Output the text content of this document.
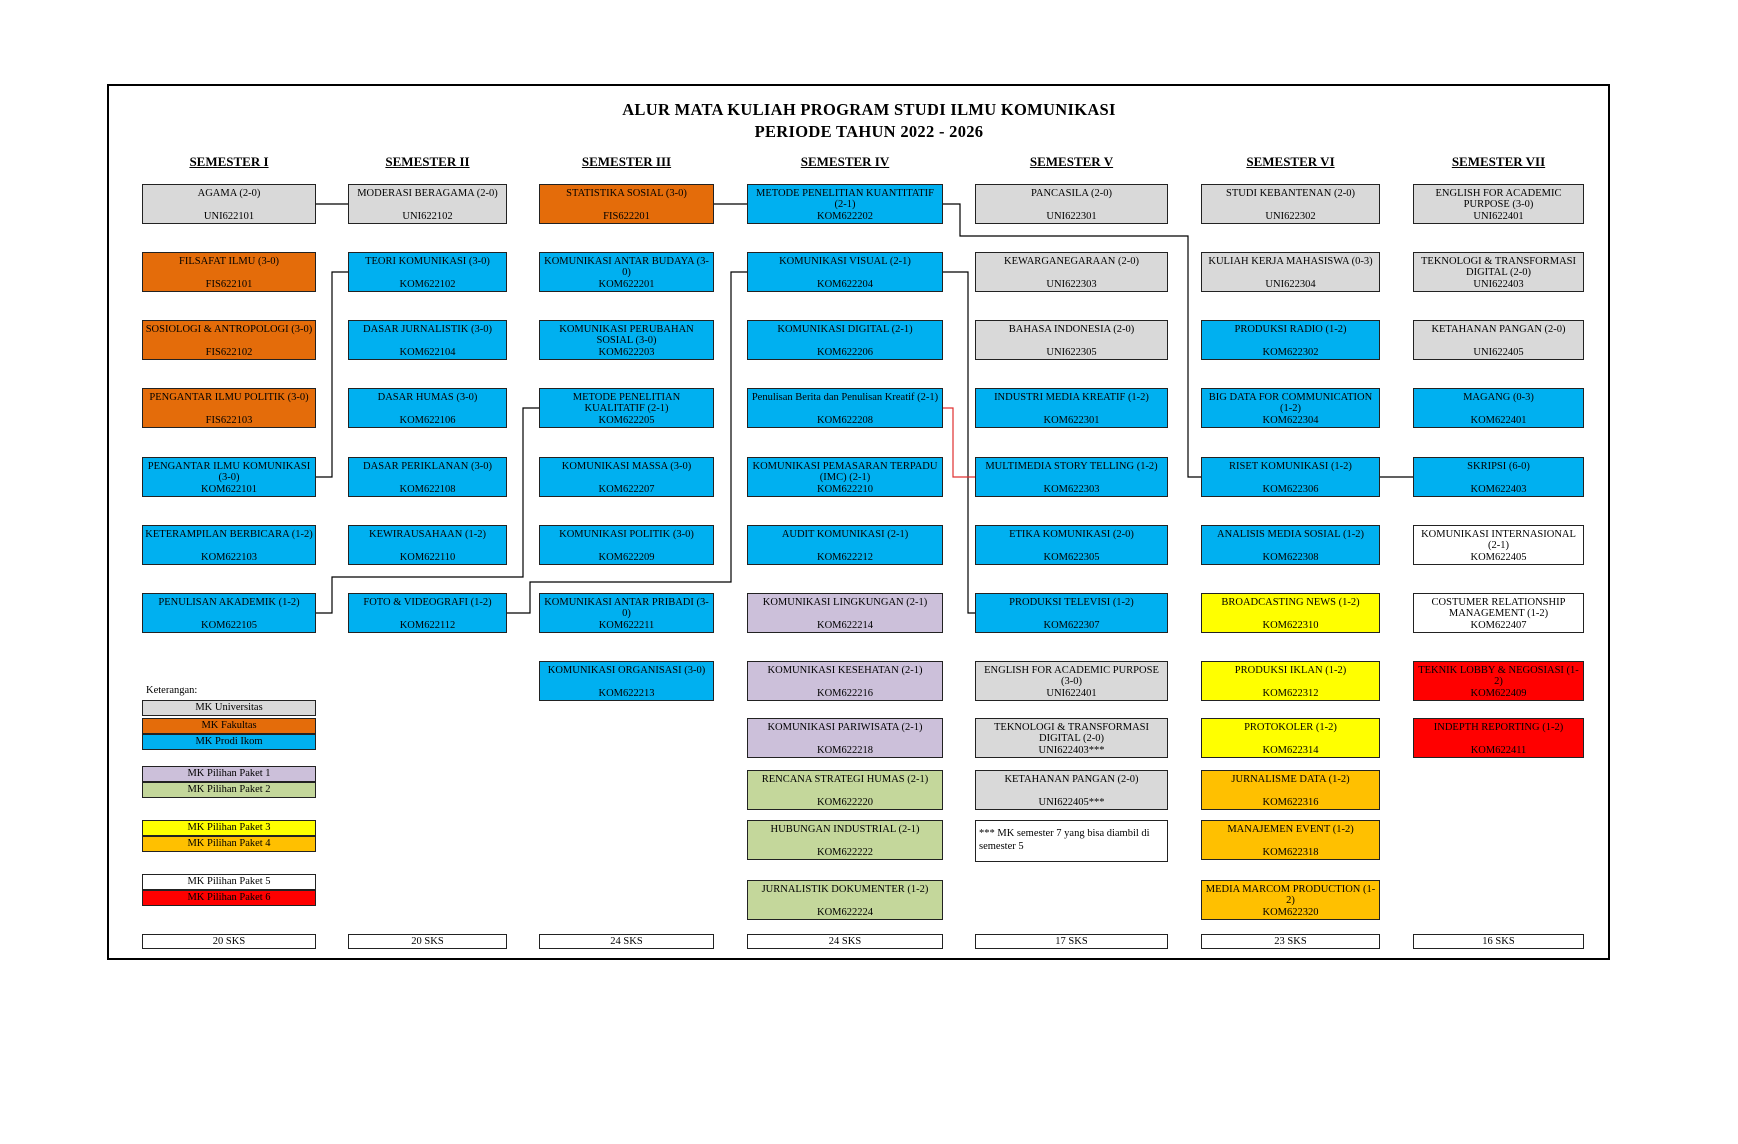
ALUR MATA KULIAH PROGRAM STUDI ILMU KOMUNIKASI
PERIODE TAHUN 2022 - 2026
SEMESTER I
AGAMA (2-0)
UNI622101
FILSAFAT ILMU (3-0)
FIS622101
SOSIOLOGI & ANTROPOLOGI (3-0)
FIS622102
PENGANTAR ILMU POLITIK (3-0)
FIS622103
PENGANTAR ILMU KOMUNIKASI (3-0)
KOM622101
KETERAMPILAN BERBICARA (1-2)
KOM622103
PENULISAN AKADEMIK (1-2)
KOM622105
20 SKS
SEMESTER II
MODERASI BERAGAMA (2-0)
UNI622102
TEORI KOMUNIKASI (3-0)
KOM622102
DASAR JURNALISTIK (3-0)
KOM622104
DASAR HUMAS (3-0)
KOM622106
DASAR PERIKLANAN (3-0)
KOM622108
KEWIRAUSAHAAN (1-2)
KOM622110
FOTO & VIDEOGRAFI (1-2)
KOM622112
20 SKS
SEMESTER III
STATISTIKA SOSIAL (3-0)
FIS622201
KOMUNIKASI ANTAR BUDAYA (3-0)
KOM622201
KOMUNIKASI PERUBAHAN SOSIAL (3-0)
KOM622203
METODE PENELITIAN KUALITATIF (2-1)
KOM622205
KOMUNIKASI MASSA (3-0)
KOM622207
KOMUNIKASI POLITIK (3-0)
KOM622209
KOMUNIKASI ANTAR PRIBADI (3-0)
KOM622211
KOMUNIKASI ORGANISASI (3-0)
KOM622213
24 SKS
SEMESTER IV
METODE PENELITIAN KUANTITATIF (2-1)
KOM622202
KOMUNIKASI VISUAL (2-1)
KOM622204
KOMUNIKASI DIGITAL (2-1)
KOM622206
Penulisan Berita dan Penulisan Kreatif (2-1)
KOM622208
KOMUNIKASI PEMASARAN TERPADU (IMC) (2-1)
KOM622210
AUDIT KOMUNIKASI (2-1)
KOM622212
KOMUNIKASI LINGKUNGAN (2-1)
KOM622214
KOMUNIKASI KESEHATAN (2-1)
KOM622216
KOMUNIKASI PARIWISATA (2-1)
KOM622218
RENCANA STRATEGI HUMAS (2-1)
KOM622220
HUBUNGAN INDUSTRIAL (2-1)
KOM622222
JURNALISTIK DOKUMENTER (1-2)
KOM622224
24 SKS
SEMESTER V
PANCASILA (2-0)
UNI622301
KEWARGANEGARAAN (2-0)
UNI622303
BAHASA INDONESIA (2-0)
UNI622305
INDUSTRI MEDIA KREATIF (1-2)
KOM622301
MULTIMEDIA STORY TELLING (1-2)
KOM622303
ETIKA KOMUNIKASI (2-0)
KOM622305
PRODUKSI TELEVISI (1-2)
KOM622307
ENGLISH FOR ACADEMIC PURPOSE (3-0)
UNI622401
TEKNOLOGI & TRANSFORMASI DIGITAL (2-0)
UNI622403***
KETAHANAN PANGAN (2-0)
UNI622405***
17 SKS
SEMESTER VI
STUDI KEBANTENAN (2-0)
UNI622302
KULIAH KERJA MAHASISWA (0-3)
UNI622304
PRODUKSI RADIO (1-2)
KOM622302
BIG DATA FOR COMMUNICATION (1-2)
KOM622304
RISET KOMUNIKASI (1-2)
KOM622306
ANALISIS MEDIA SOSIAL (1-2)
KOM622308
BROADCASTING NEWS (1-2)
KOM622310
PRODUKSI IKLAN (1-2)
KOM622312
PROTOKOLER (1-2)
KOM622314
JURNALISME DATA (1-2)
KOM622316
MANAJEMEN EVENT (1-2)
KOM622318
MEDIA MARCOM PRODUCTION (1-2)
KOM622320
23 SKS
SEMESTER VII
ENGLISH FOR ACADEMIC PURPOSE (3-0)
UNI622401
TEKNOLOGI & TRANSFORMASI DIGITAL (2-0)
UNI622403
KETAHANAN PANGAN (2-0)
UNI622405
MAGANG (0-3)
KOM622401
SKRIPSI (6-0)
KOM622403
KOMUNIKASI INTERNASIONAL (2-1)
KOM622405
COSTUMER RELATIONSHIP MANAGEMENT (1-2)
KOM622407
TEKNIK LOBBY & NEGOSIASI (1-2)
KOM622409
INDEPTH REPORTING (1-2)
KOM622411
16 SKS
Keterangan:
MK Universitas
MK Fakultas
MK Prodi Ikom
MK Pilihan Paket 1
MK Pilihan Paket 2
MK Pilihan Paket 3
MK Pilihan Paket 4
MK Pilihan Paket 5
MK Pilihan Paket 6
*** MK semester 7 yang bisa diambil di semester 5
